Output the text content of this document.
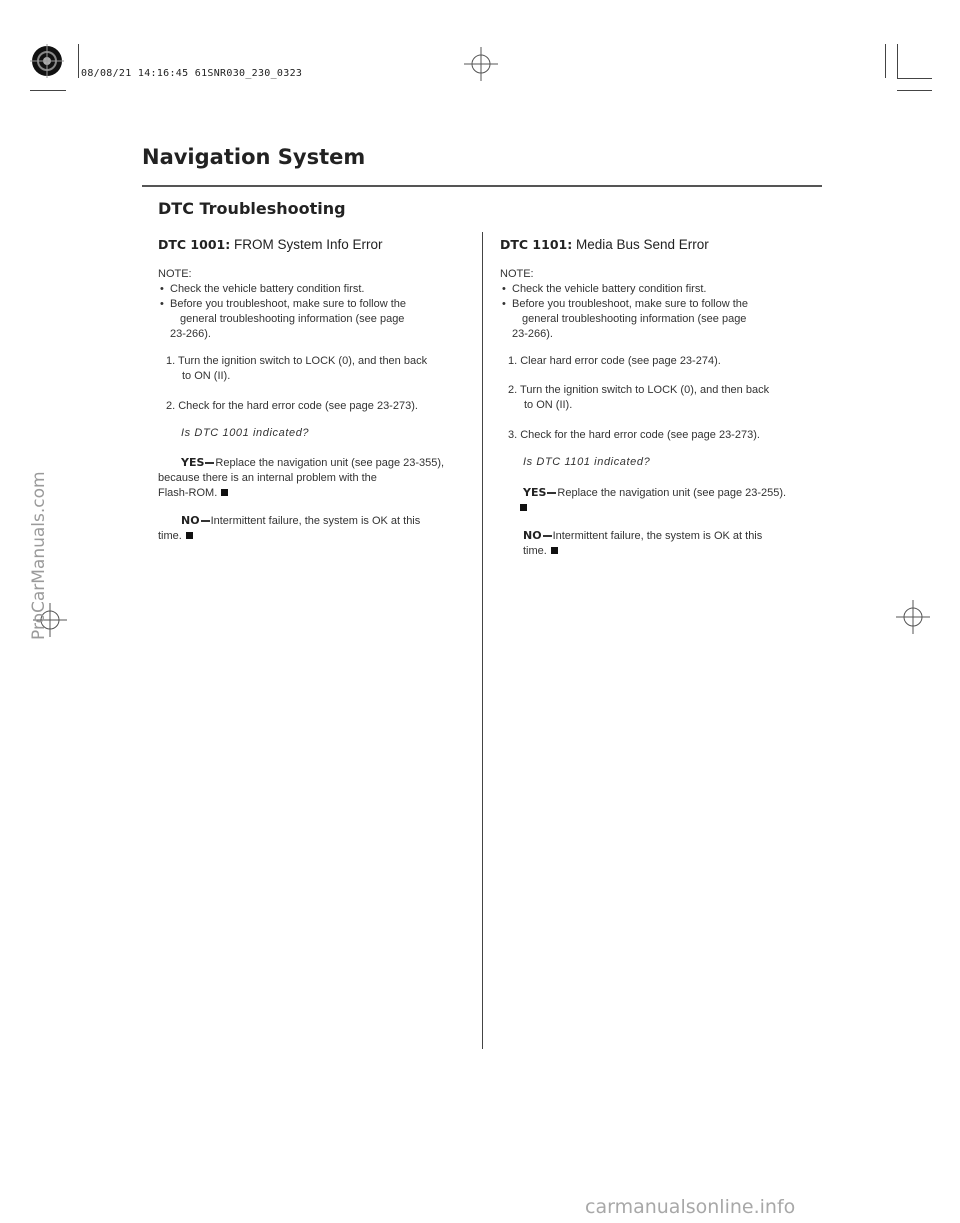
08/08/21 14:16:45 61SNR030_230_0323
Navigation System
DTC Troubleshooting
DTC 1001: FROM System Info Error
NOTE:
• Check the vehicle battery condition first.
• Before you troubleshoot, make sure to follow the
general troubleshooting information (see page
23-266).
1. Turn the ignition switch to LOCK (0), and then back
to ON (II).
2. Check for the hard error code (see page 23-273).
Is DTC 1001 indicated?
YES Replace the navigation unit (see page 23-355),
because there is an internal problem with the
Flash-ROM.
NO Intermittent failure, the system is OK at this
time.
DTC 1101: Media Bus Send Error
NOTE:
• Check the vehicle battery condition first.
• Before you troubleshoot, make sure to follow the
general troubleshooting information (see page
23-266).
1. Clear hard error code (see page 23-274).
2. Turn the ignition switch to LOCK (0), and then back
to ON (II).
3. Check for the hard error code (see page 23-273).
Is DTC 1101 indicated?
YES Replace the navigation unit (see page 23-255).
NO Intermittent failure, the system is OK at this
time.
ProCarManuals.com
carmanualsonline.info
